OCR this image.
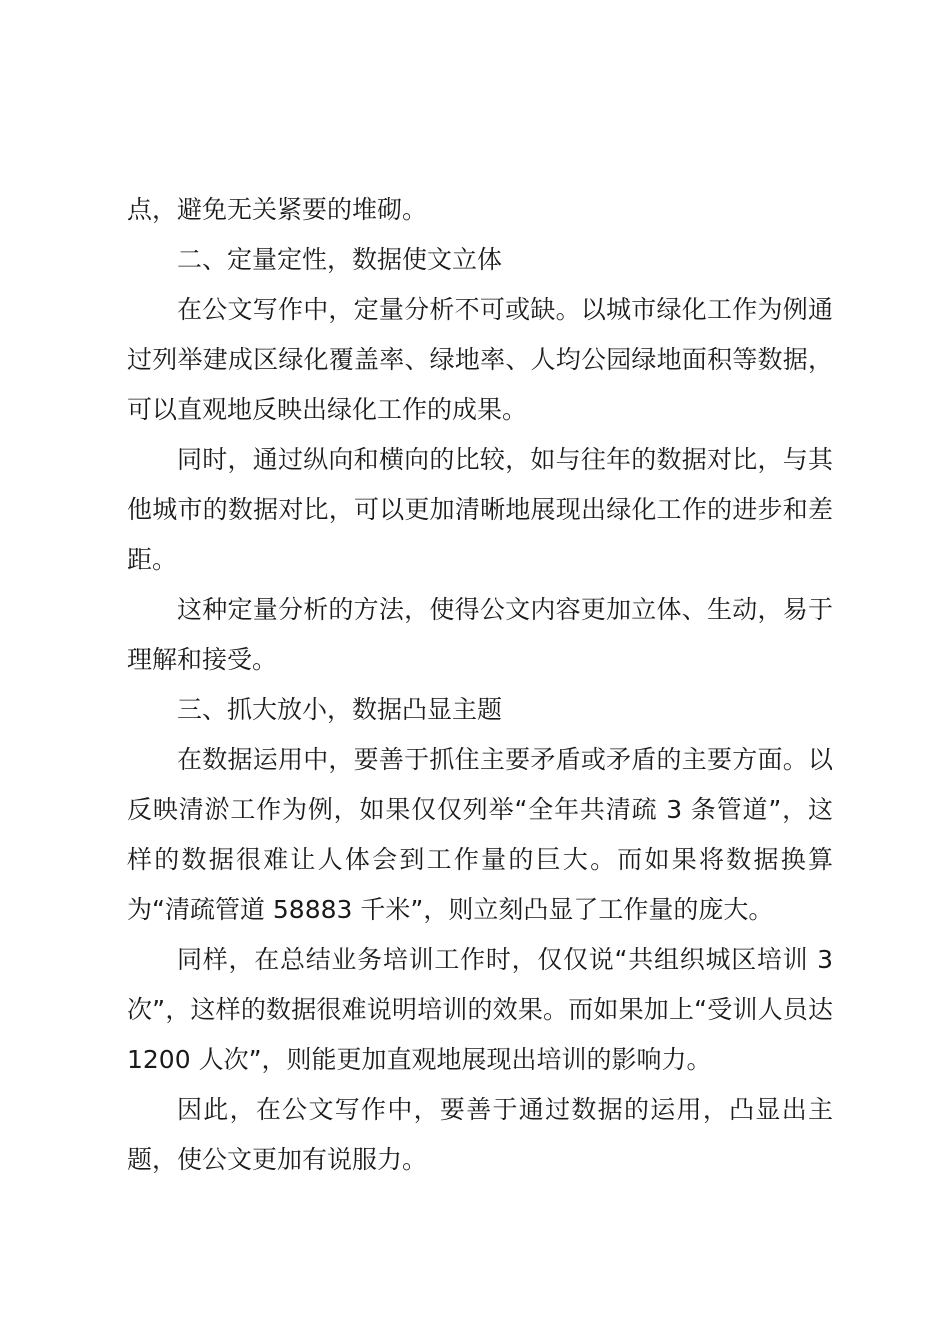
点，避免无关紧要的堆砌。

二、定量定性，数据使文立体

在公文写作中，定量分析不可或缺。以城市绿化工作为例通过列举建成区绿化覆盖率、绿地率、人均公园绿地面积等数据，可以直观地反映出绿化工作的成果。

同时，通过纵向和横向的比较，如与往年的数据对比，与其他城市的数据对比，可以更加清晰地展现出绿化工作的进步和差距。

这种定量分析的方法，使得公文内容更加立体、生动，易于理解和接受。

三、抓大放小，数据凸显主题

在数据运用中，要善于抓住主要矛盾或矛盾的主要方面。以反映清淤工作为例，如果仅仅列举“全年共清疏 3 条管道”，这样的数据很难让人体会到工作量的巨大。而如果将数据换算为“清疏管道 58883 千米”，则立刻凸显了工作量的庞大。

同样，在总结业务培训工作时，仅仅说“共组织城区培训 3 次”，这样的数据很难说明培训的效果。而如果加上“受训人员达 1200 人次”，则能更加直观地展现出培训的影响力。

因此，在公文写作中，要善于通过数据的运用，凸显出主题，使公文更加有说服力。
